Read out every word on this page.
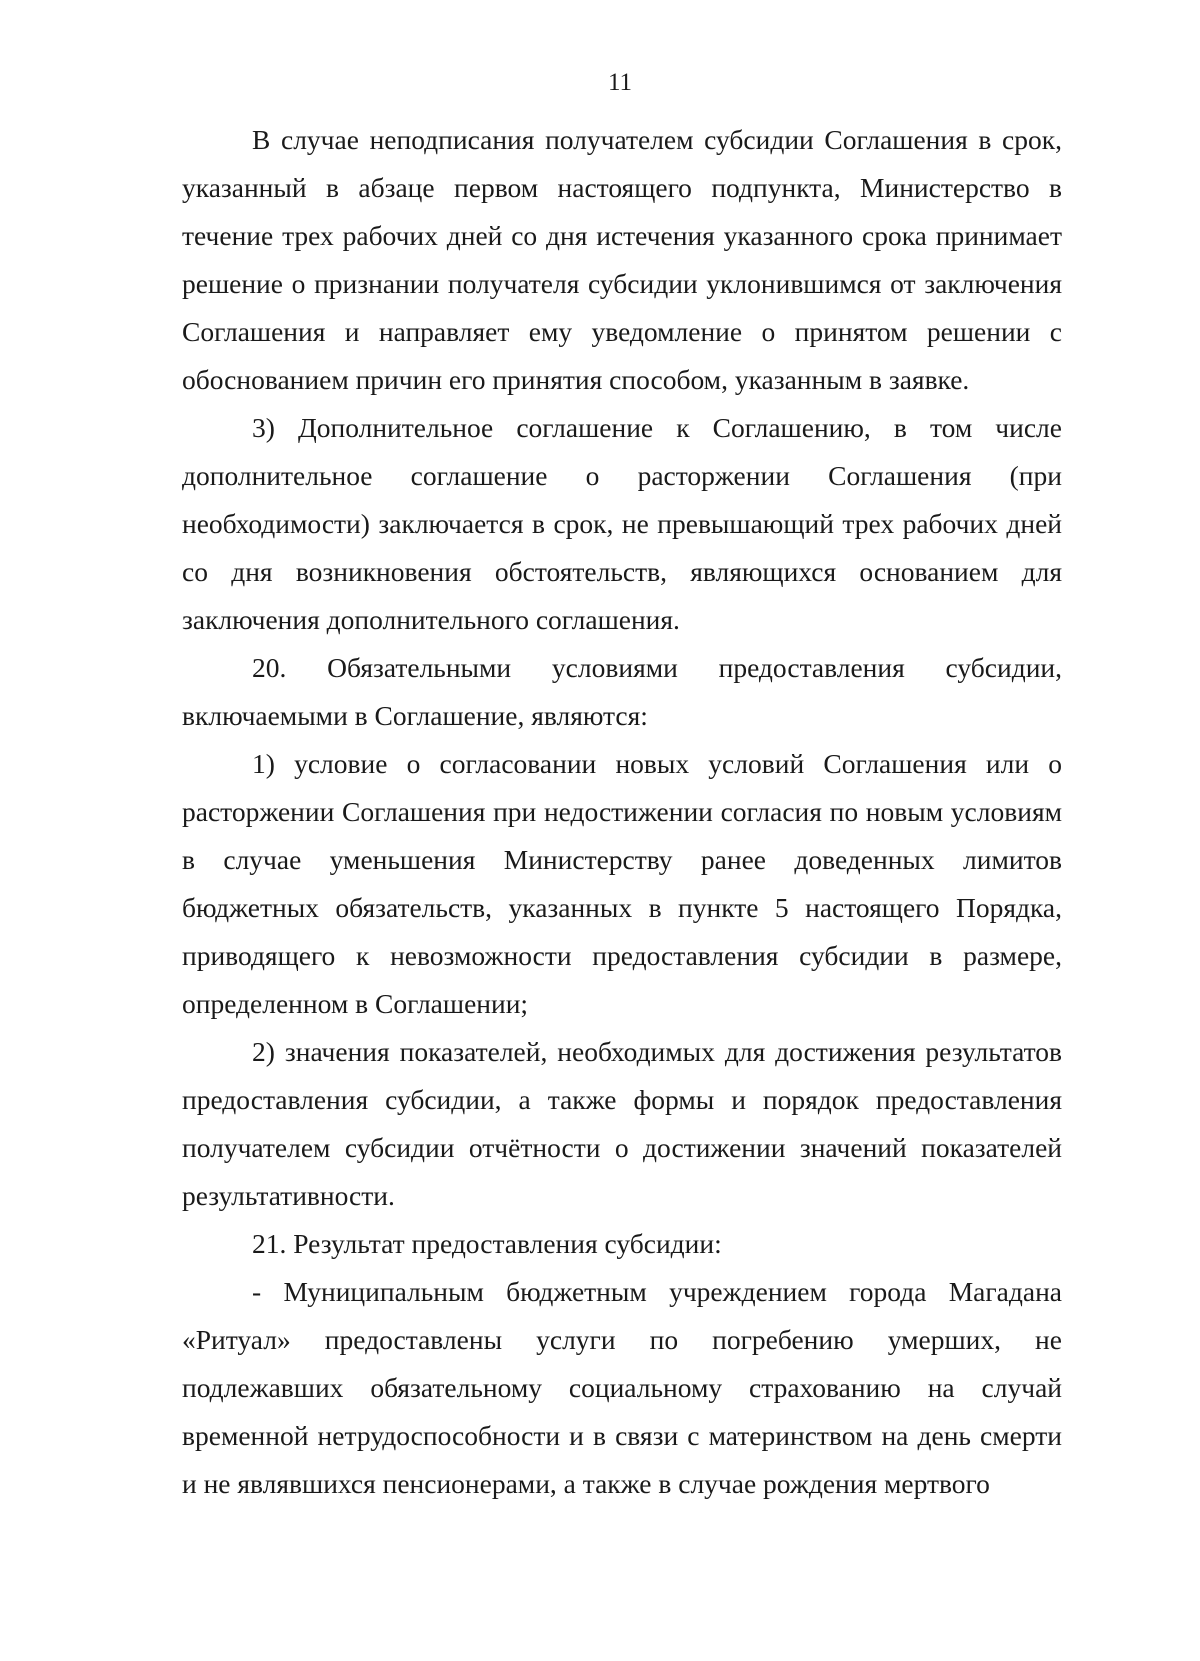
11

В случае неподписания получателем субсидии Соглашения в срок, указанный в абзаце первом настоящего подпункта, Министерство в течение трех рабочих дней со дня истечения указанного срока принимает решение о признании получателя субсидии уклонившимся от заключения Соглашения и направляет ему уведомление о принятом решении с обоснованием причин его принятия способом, указанным в заявке.

3) Дополнительное соглашение к Соглашению, в том числе дополнительное соглашение о расторжении Соглашения (при необходимости) заключается в срок, не превышающий трех рабочих дней со дня возникновения обстоятельств, являющихся основанием для заключения дополнительного соглашения.

20. Обязательными условиями предоставления субсидии, включаемыми в Соглашение, являются:

1) условие о согласовании новых условий Соглашения или о расторжении Соглашения при недостижении согласия по новым условиям в случае уменьшения Министерству ранее доведенных лимитов бюджетных обязательств, указанных в пункте 5 настоящего Порядка, приводящего к невозможности предоставления субсидии в размере, определенном в Соглашении;

2) значения показателей, необходимых для достижения результатов предоставления субсидии, а также формы и порядок предоставления получателем субсидии отчётности о достижении значений показателей результативности.

21. Результат предоставления субсидии:

- Муниципальным бюджетным учреждением города Магадана «Ритуал» предоставлены услуги по погребению умерших, не подлежавших обязательному социальному страхованию на случай временной нетрудоспособности и в связи с материнством на день смерти и не являвшихся пенсионерами, а также в случае рождения мертвого
